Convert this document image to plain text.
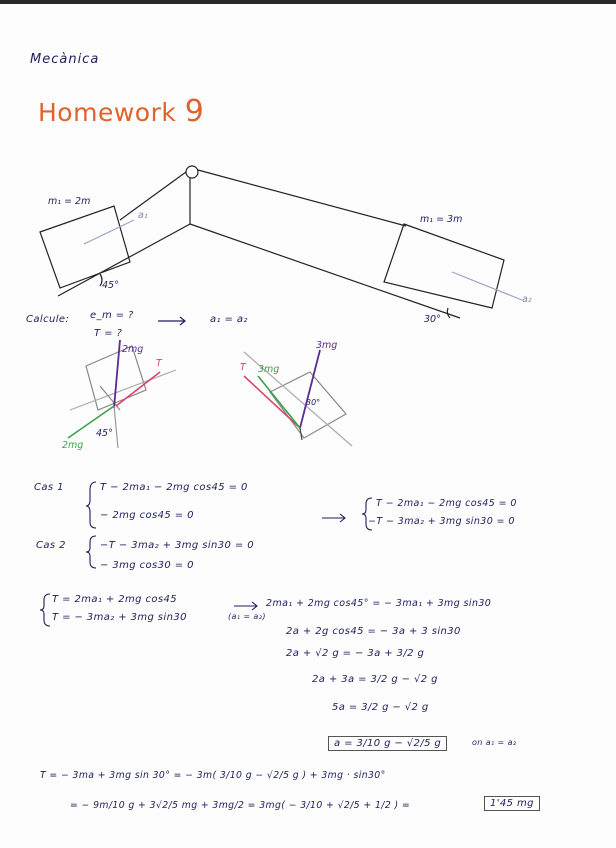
Mecànica
Homework 9
m₁ = 2m
a₁
45°
m₁ = 3m
a₂
30°
Calcule: e_m = ?
T = ?
a₁ = a₂
2mg
T
2mg
45°
3mg
T 3mg
30°
Cas 1	T − 2ma₁ − 2mg cos45 = 0
− 2mg cos45 = 0
Cas 2	−T − 3ma₂ + 3mg sin30 = 0
− 3mg cos30 = 0
T − 2ma₁ − 2mg cos45 = 0
−T − 3ma₂ + 3mg sin30 = 0
T = 2ma₁ + 2mg cos45
T = − 3ma₂ + 3mg sin30	(a₁ = a₂)
2ma₁ + 2mg cos45° = − 3ma₁ + 3mg sin30
2a + 2g cos45 = − 3a + 3 sin30
2a + √2 g = − 3a + 3/2 g
2a + 3a = 3/2 g − √2 g
5a = 3/2 g − √2 g
a = 3/10 g − √2/5 g	on a₁ = a₂
T = − 3ma + 3mg sin 30° = − 3m( 3/10 g − √2/5 g ) + 3mg · sin30°
= − 9m/10 g + 3√2/5 mg + 3mg/2 = 3mg( − 3/10 + √2/5 + 1/2 ) =	1'45 mg
